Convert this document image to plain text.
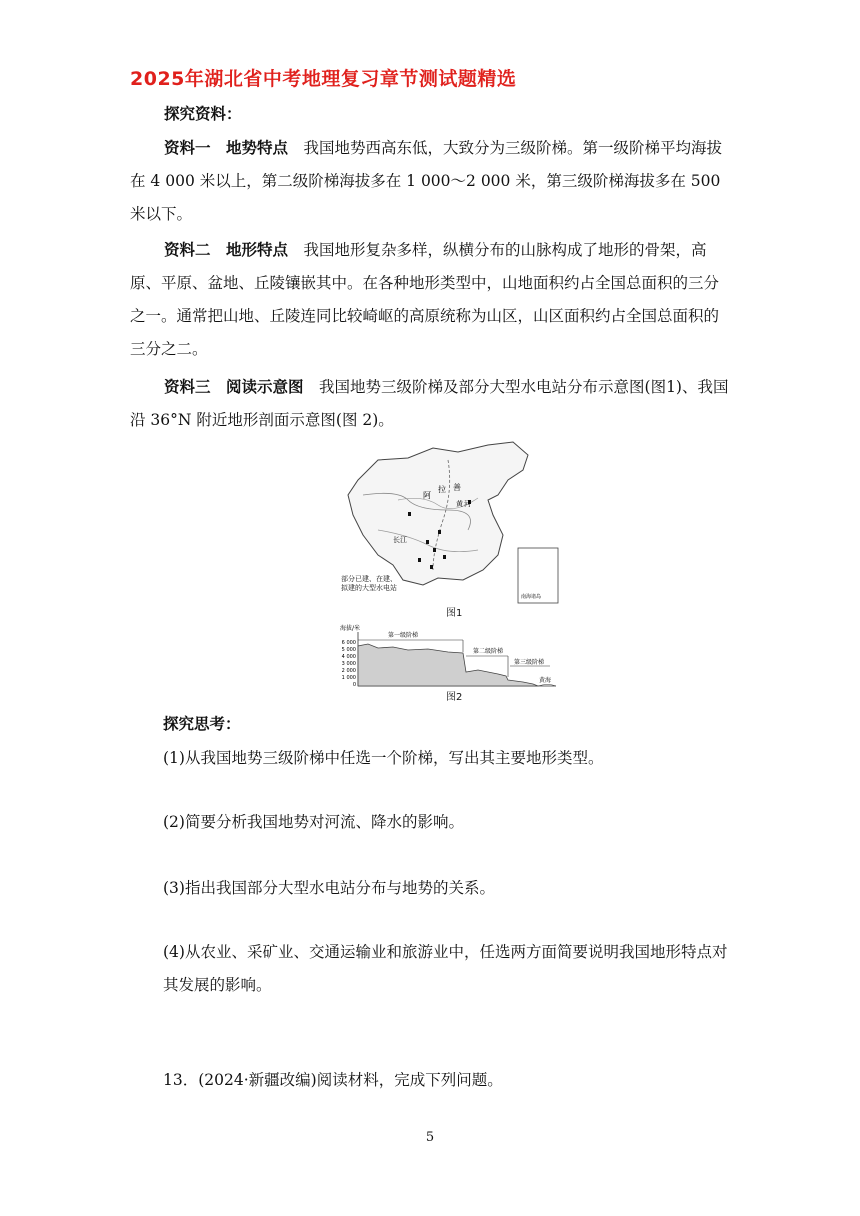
2025年湖北省中考地理复习章节测试题精选
探究资料：
资料一　地势特点　我国地势西高东低，大致分为三级阶梯。第一级阶梯平均海拔在 4 000 米以上，第二级阶梯海拔多在 1 000～2 000 米，第三级阶梯海拔多在 500 米以下。
资料二　地形特点　我国地形复杂多样，纵横分布的山脉构成了地形的骨架，高原、平原、盆地、丘陵镶嵌其中。在各种地形类型中，山地面积约占全国总面积的三分之一。通常把山地、丘陵连同比较崎岖的高原统称为山区，山区面积约占全国总面积的三分之二。
资料三　阅读示意图　我国地势三级阶梯及部分大型水电站分布示意图(图1)、我国沿 36°N 附近地形剖面示意图(图 2)。
阿
拉 善
长江
黄 河
南海诸岛
部分已建、在建、拟建的大型水电站
图1
第一级阶梯
第二级阶梯
第三级阶梯
黄海
海拔/米
6 000
5 000
4 000
3 000
2 000
1 000
0
图2
探究思考：
(1)从我国地势三级阶梯中任选一个阶梯，写出其主要地形类型。
(2)简要分析我国地势对河流、降水的影响。
(3)指出我国部分大型水电站分布与地势的关系。
(4)从农业、采矿业、交通运输业和旅游业中，任选两方面简要说明我国地形特点对其发展的影响。
13．(2024·新疆改编)阅读材料，完成下列问题。
5
